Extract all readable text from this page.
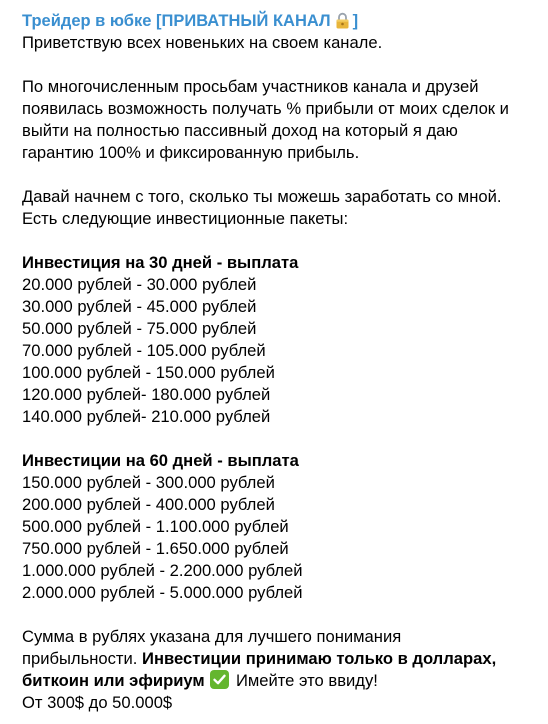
Трейдер в юбке [ПРИВАТНЫЙ КАНАЛ ]
Приветствую всех новеньких на своем канале.
По многочисленным просьбам участников канала и друзей
появилась возможность получать % прибыли от моих сделок и
выйти на полностью пассивный доход на который я даю
гарантию 100% и фиксированную прибыль.
Давай начнем с того, сколько ты можешь заработать со мной.
Есть следующие инвестиционные пакеты:
Инвестиция на 30 дней - выплата
20.000 рублей - 30.000 рублей
30.000 рублей - 45.000 рублей
50.000 рублей - 75.000 рублей
70.000 рублей - 105.000 рублей
100.000 рублей - 150.000 рублей
120.000 рублей- 180.000 рублей
140.000 рублей- 210.000 рублей
Инвестиции на 60 дней - выплата
150.000 рублей - 300.000 рублей
200.000 рублей - 400.000 рублей
500.000 рублей - 1.100.000 рублей
750.000 рублей - 1.650.000 рублей
1.000.000 рублей - 2.200.000 рублей
2.000.000 рублей - 5.000.000 рублей
Сумма в рублях указана для лучшего понимания
прибыльности. Инвестиции принимаю только в долларах,
биткоин или эфириум
Имейте это ввиду!
От 300$ до 50.000$
